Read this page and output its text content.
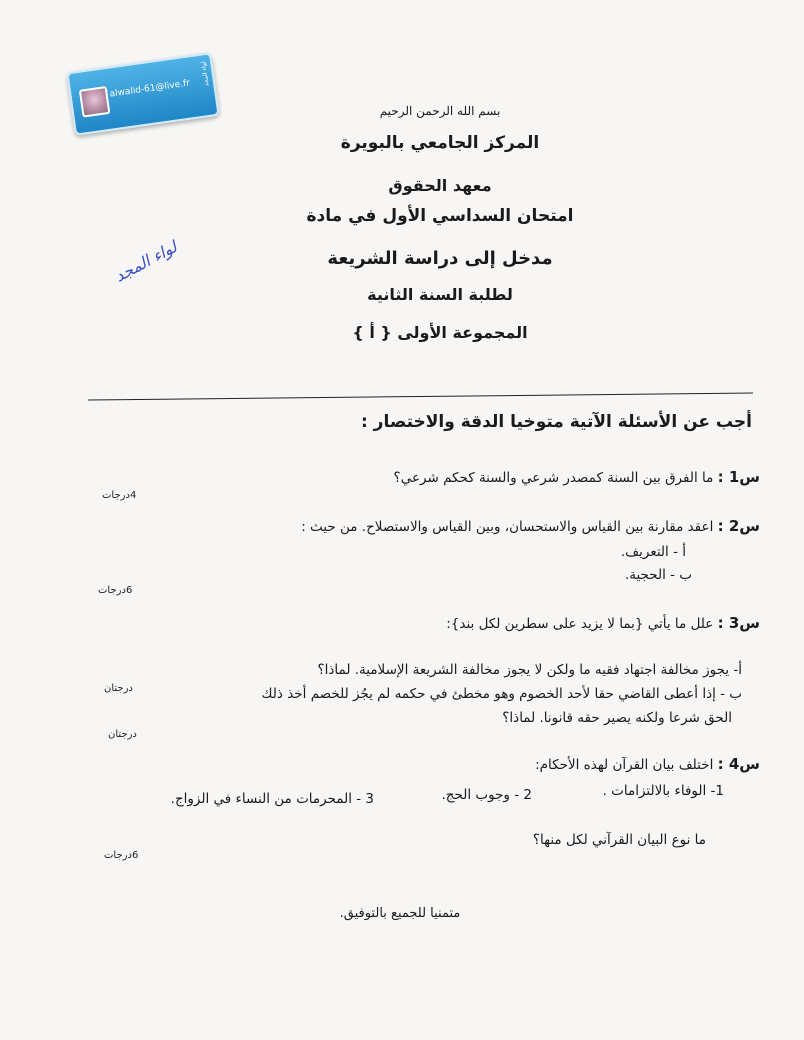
alwalid-61@live.fr
لواء المجد
بسم الله الرحمن الرحيم
المركز الجامعي بالبويرة
معهد الحقوق
امتحان السداسي الأول في مادة
مدخل إلى دراسة الشريعة
لطلبة السنة الثانية
المجموعة الأولى { أ }
لواء المجد
أجب عن الأسئلة الآتية متوخيا الدقة والاختصار :
س1 : ما الفرق بين السنة كمصدر شرعي والسنة كحكم شرعي؟
4درجات
س2 : اعقد مقارنة بين القياس والاستحسان، وبين القياس والاستصلاح. من حيث :
أ - التعريف.
ب - الحجية.
6درجات
س3 : علل ما يأتي {بما لا يزيد على سطرين لكل بند}:
أ- يجوز مخالفة اجتهاد فقيه ما ولكن لا يجوز مخالفة الشريعة الإسلامية. لماذا؟
ب - إذا أعطى القاضي حقا لأحد الخصوم وهو مخطئ في حكمه لم يجُز للخصم أخذ ذلك
الحق شرعا ولكنه يصير حقه قانونا. لماذا؟
درجتان
درجتان
س4 : اختلف بيان القرآن لهذه الأحكام:
1- الوفاء بالالتزامات .
2 - وجوب الحج.
3 - المحرمات من النساء في الزواج.
ما نوع البيان القرآني لكل منها؟
6درجات
متمنيا للجميع بالتوفيق.
